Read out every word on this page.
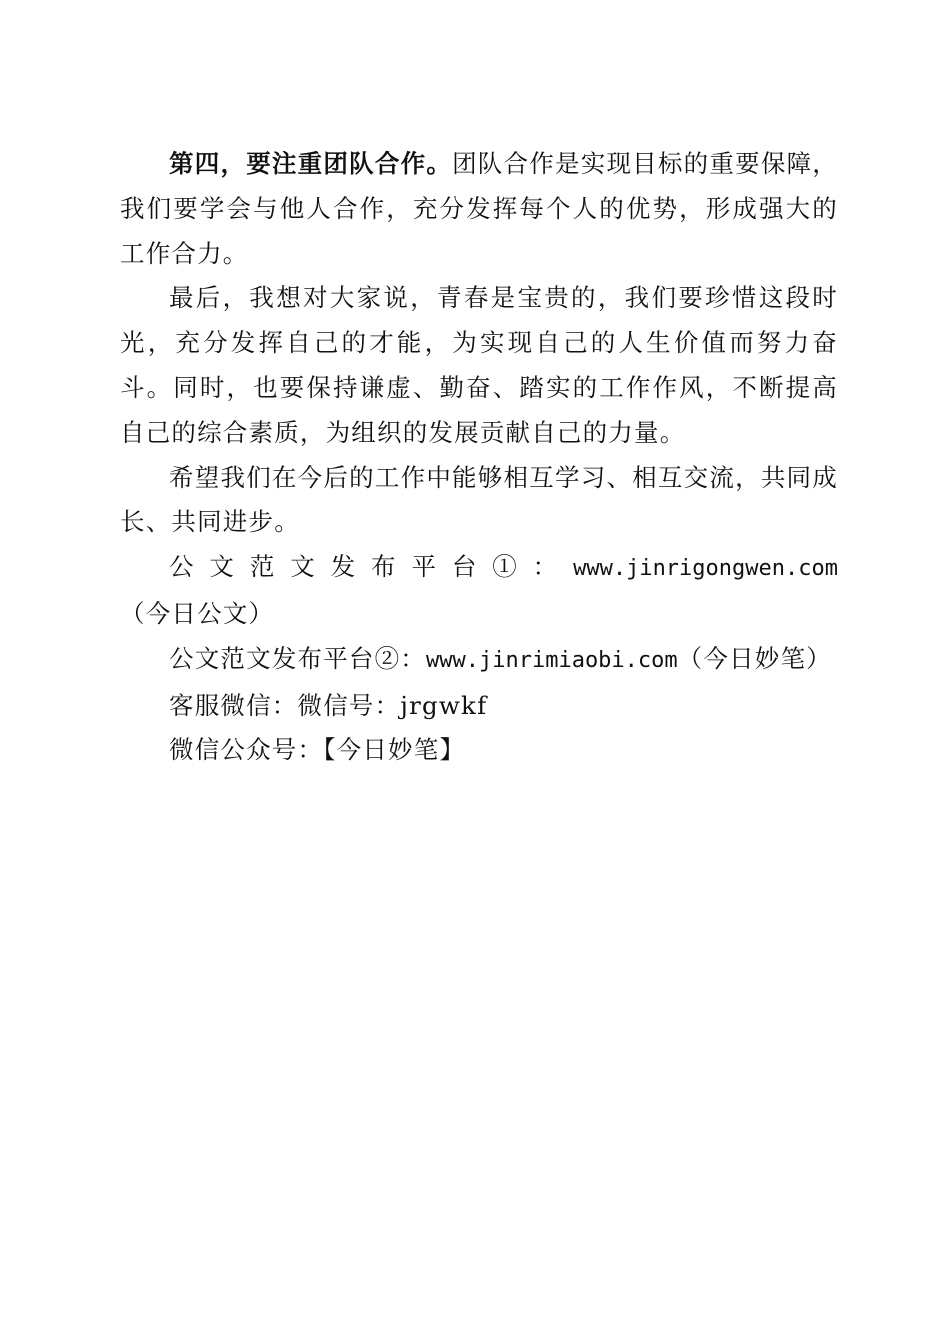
第四，要注重团队合作。团队合作是实现目标的重要保障，我们要学会与他人合作，充分发挥每个人的优势，形成强大的工作合力。

最后，我想对大家说，青春是宝贵的，我们要珍惜这段时光，充分发挥自己的才能，为实现自己的人生价值而努力奋斗。同时，也要保持谦虚、勤奋、踏实的工作作风，不断提高自己的综合素质，为组织的发展贡献自己的力量。

希望我们在今后的工作中能够相互学习、相互交流，共同成长、共同进步。

公文范文发布平台①：www.jinrigongwen.com（今日公文）

公文范文发布平台②：www.jinrimiaobi.com（今日妙笔）

客服微信：微信号：jrgwkf

微信公众号：【今日妙笔】
